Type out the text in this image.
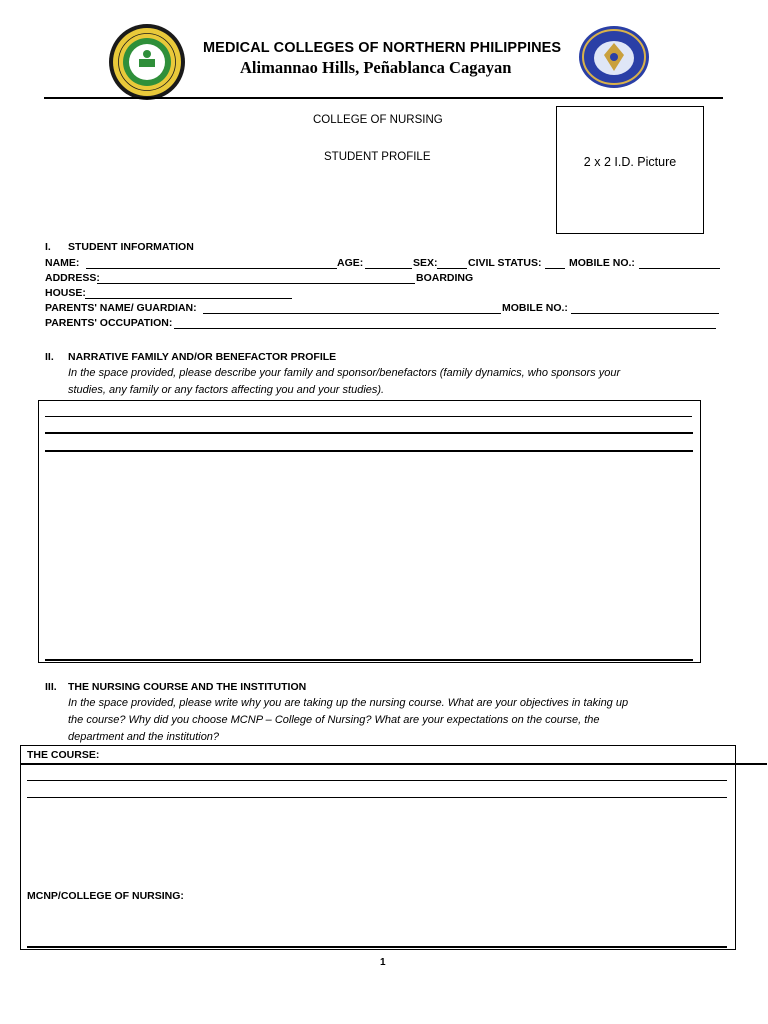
MEDICAL COLLEGES OF NORTHERN PHILIPPINES
Alimannao Hills, Peñablanca Cagayan
COLLEGE OF NURSING
STUDENT PROFILE	2 x 2 I.D. Picture
I. STUDENT INFORMATION
NAME:	AGE:	SEX:	CIVIL STATUS:	MOBILE NO.:
ADDRESS:	BOARDING
HOUSE:
PARENTS' NAME/ GUARDIAN:	MOBILE NO.:
PARENTS' OCCUPATION:
II. NARRATIVE FAMILY AND/OR BENEFACTOR PROFILE
In the space provided, please describe your family and sponsor/benefactors (family dynamics, who sponsors your
studies, any family or any factors affecting you and your studies).
III. THE NURSING COURSE AND THE INSTITUTION
In the space provided, please write why you are taking up the nursing course. What are your objectives in taking up
the course? Why did you choose MCNP – College of Nursing? What are your expectations on the course, the
department and the institution?
THE COURSE:
MCNP/COLLEGE OF NURSING:
1
